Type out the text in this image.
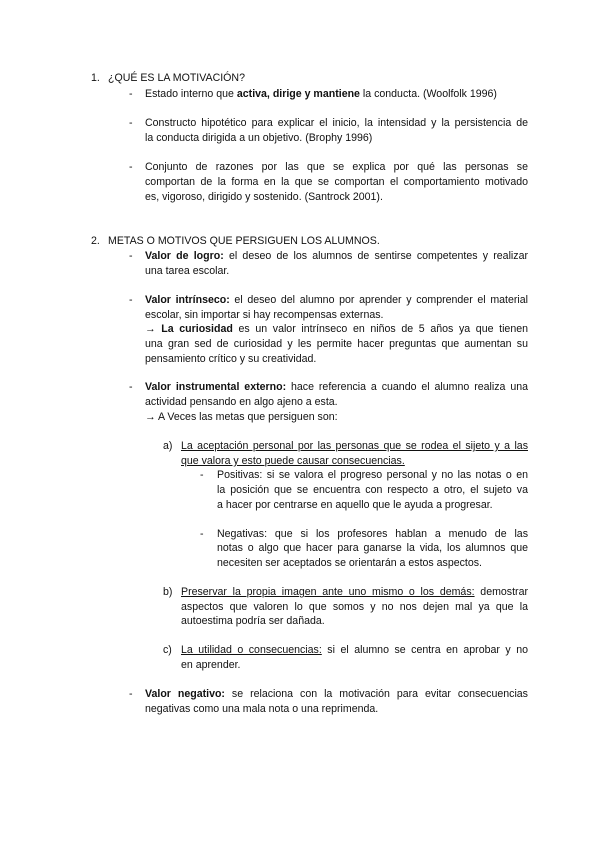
1. ¿QUÉ ES LA MOTIVACIÓN?
- Estado interno que activa, dirige y mantiene la conducta. (Woolfolk 1996)
- Constructo hipotético para explicar el inicio, la intensidad y la persistencia de
la conducta dirigida a un objetivo. (Brophy 1996)
- Conjunto de razones por las que se explica por qué las personas se
comportan de la forma en la que se comportan el comportamiento motivado
es, vigoroso, dirigido y sostenido. (Santrock 2001).
2. METAS O MOTIVOS QUE PERSIGUEN LOS ALUMNOS.
- Valor de logro: el deseo de los alumnos de sentirse competentes y realizar
una tarea escolar.
- Valor intrínseco: el deseo del alumno por aprender y comprender el material
escolar, sin importar si hay recompensas externas.
→ La curiosidad es un valor intrínseco en niños de 5 años ya que tienen
una gran sed de curiosidad y les permite hacer preguntas que aumentan su
pensamiento crítico y su creatividad.
- Valor instrumental externo: hace referencia a cuando el alumno realiza una
actividad pensando en algo ajeno a esta.
→ A Veces las metas que persiguen son:
a) La aceptación personal por las personas que se rodea el sijeto y a las
que valora y esto puede causar consecuencias.
- Positivas: si se valora el progreso personal y no las notas o en
la posición que se encuentra con respecto a otro, el sujeto va
a hacer por centrarse en aquello que le ayuda a progresar.
- Negativas: que si los profesores hablan a menudo de las
notas o algo que hacer para ganarse la vida, los alumnos que
necesiten ser aceptados se orientarán a estos aspectos.
b) Preservar la propia imagen ante uno mismo o los demás: demostrar
aspectos que valoren lo que somos y no nos dejen mal ya que la
autoestima podría ser dañada.
c) La utilidad o consecuencias: si el alumno se centra en aprobar y no
en aprender.
- Valor negativo: se relaciona con la motivación para evitar consecuencias
negativas como una mala nota o una reprimenda.
